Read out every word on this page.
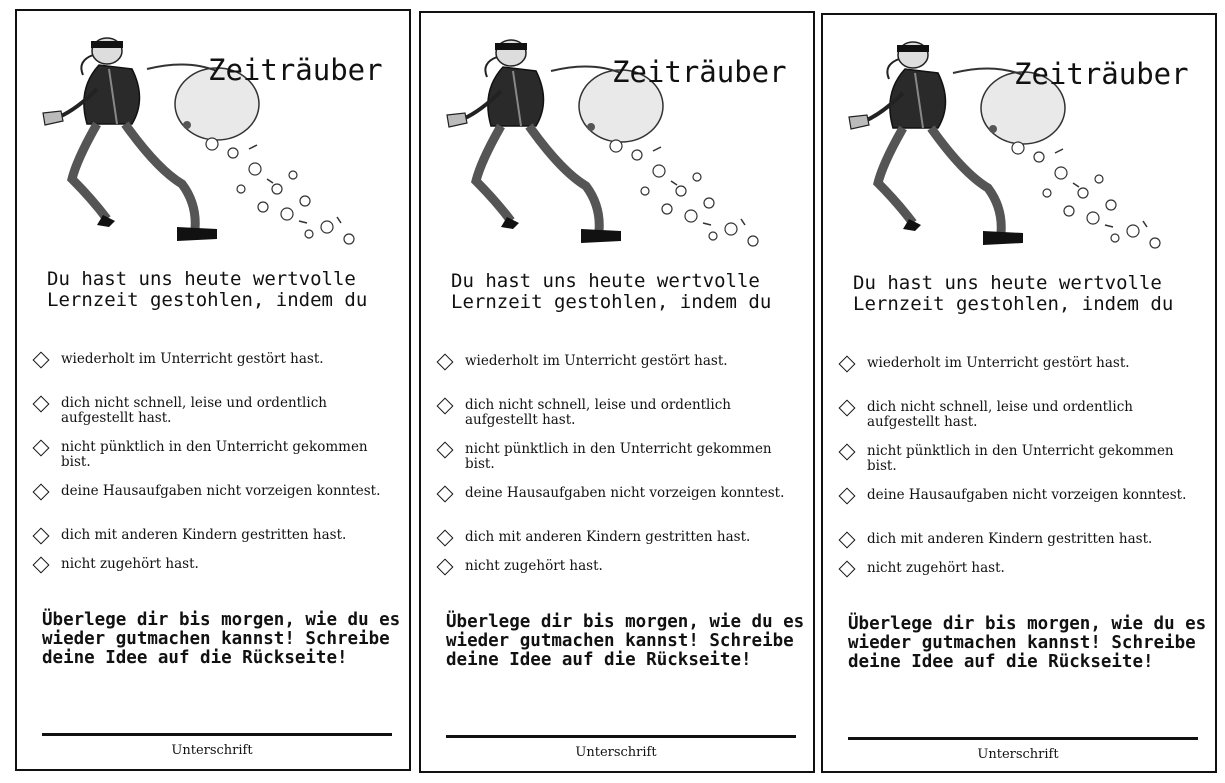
Zeiträuber
Du hast uns heute wertvolle Lernzeit gestohlen, indem du
wiederholt im Unterricht gestört hast.
dich nicht schnell, leise und ordentlich aufgestellt hast.
nicht pünktlich in den Unterricht gekommen bist.
deine Hausaufgaben nicht vorzeigen konntest.
dich mit anderen Kindern gestritten hast.
nicht zugehört hast.
Überlege dir bis morgen, wie du es wieder gutmachen kannst! Schreibe deine Idee auf die Rückseite!
Unterschrift
Zeiträuber
Du hast uns heute wertvolle Lernzeit gestohlen, indem du
wiederholt im Unterricht gestört hast.
dich nicht schnell, leise und ordentlich aufgestellt hast.
nicht pünktlich in den Unterricht gekommen bist.
deine Hausaufgaben nicht vorzeigen konntest.
dich mit anderen Kindern gestritten hast.
nicht zugehört hast.
Überlege dir bis morgen, wie du es wieder gutmachen kannst! Schreibe deine Idee auf die Rückseite!
Unterschrift
Zeiträuber
Du hast uns heute wertvolle Lernzeit gestohlen, indem du
wiederholt im Unterricht gestört hast.
dich nicht schnell, leise und ordentlich aufgestellt hast.
nicht pünktlich in den Unterricht gekommen bist.
deine Hausaufgaben nicht vorzeigen konntest.
dich mit anderen Kindern gestritten hast.
nicht zugehört hast.
Überlege dir bis morgen, wie du es wieder gutmachen kannst! Schreibe deine Idee auf die Rückseite!
Unterschrift
